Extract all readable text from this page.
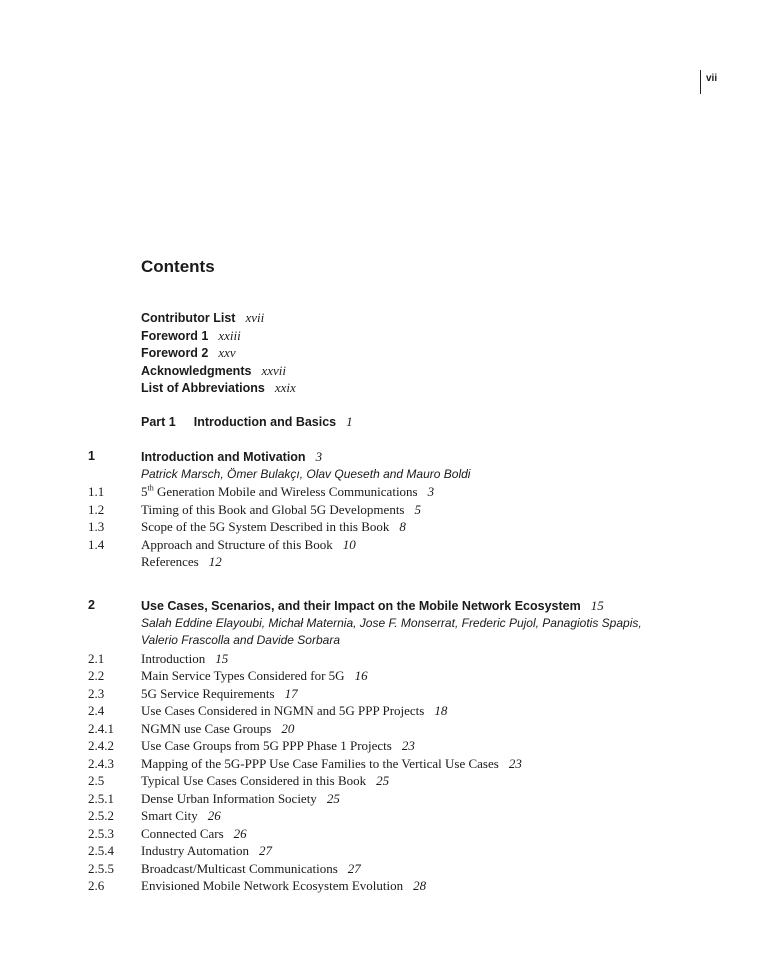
vii
Contents
Contributor List xvii
Foreword 1 xxiii
Foreword 2 xxv
Acknowledgments xxvii
List of Abbreviations xxix
Part 1 Introduction and Basics 1
1	Introduction and Motivation 3
Patrick Marsch, Ömer Bulakçı, Olav Queseth and Mauro Boldi
1.1	5th Generation Mobile and Wireless Communications 3
1.2	Timing of this Book and Global 5G Developments 5
1.3	Scope of the 5G System Described in this Book 8
1.4	Approach and Structure of this Book 10
References 12
2	Use Cases, Scenarios, and their Impact on the Mobile Network Ecosystem 15
Salah Eddine Elayoubi, Michał Maternia, Jose F. Monserrat, Frederic Pujol, Panagiotis Spapis,
Valerio Frascolla and Davide Sorbara
2.1	Introduction 15
2.2	Main Service Types Considered for 5G 16
2.3	5G Service Requirements 17
2.4	Use Cases Considered in NGMN and 5G PPP Projects 18
2.4.1 NGMN use Case Groups 20
2.4.2 Use Case Groups from 5G PPP Phase 1 Projects 23
2.4.3 Mapping of the 5G-PPP Use Case Families to the Vertical Use Cases 23
2.5	Typical Use Cases Considered in this Book 25
2.5.1 Dense Urban Information Society 25
2.5.2 Smart City 26
2.5.3 Connected Cars 26
2.5.4 Industry Automation 27
2.5.5 Broadcast/Multicast Communications 27
2.6	Envisioned Mobile Network Ecosystem Evolution 28
